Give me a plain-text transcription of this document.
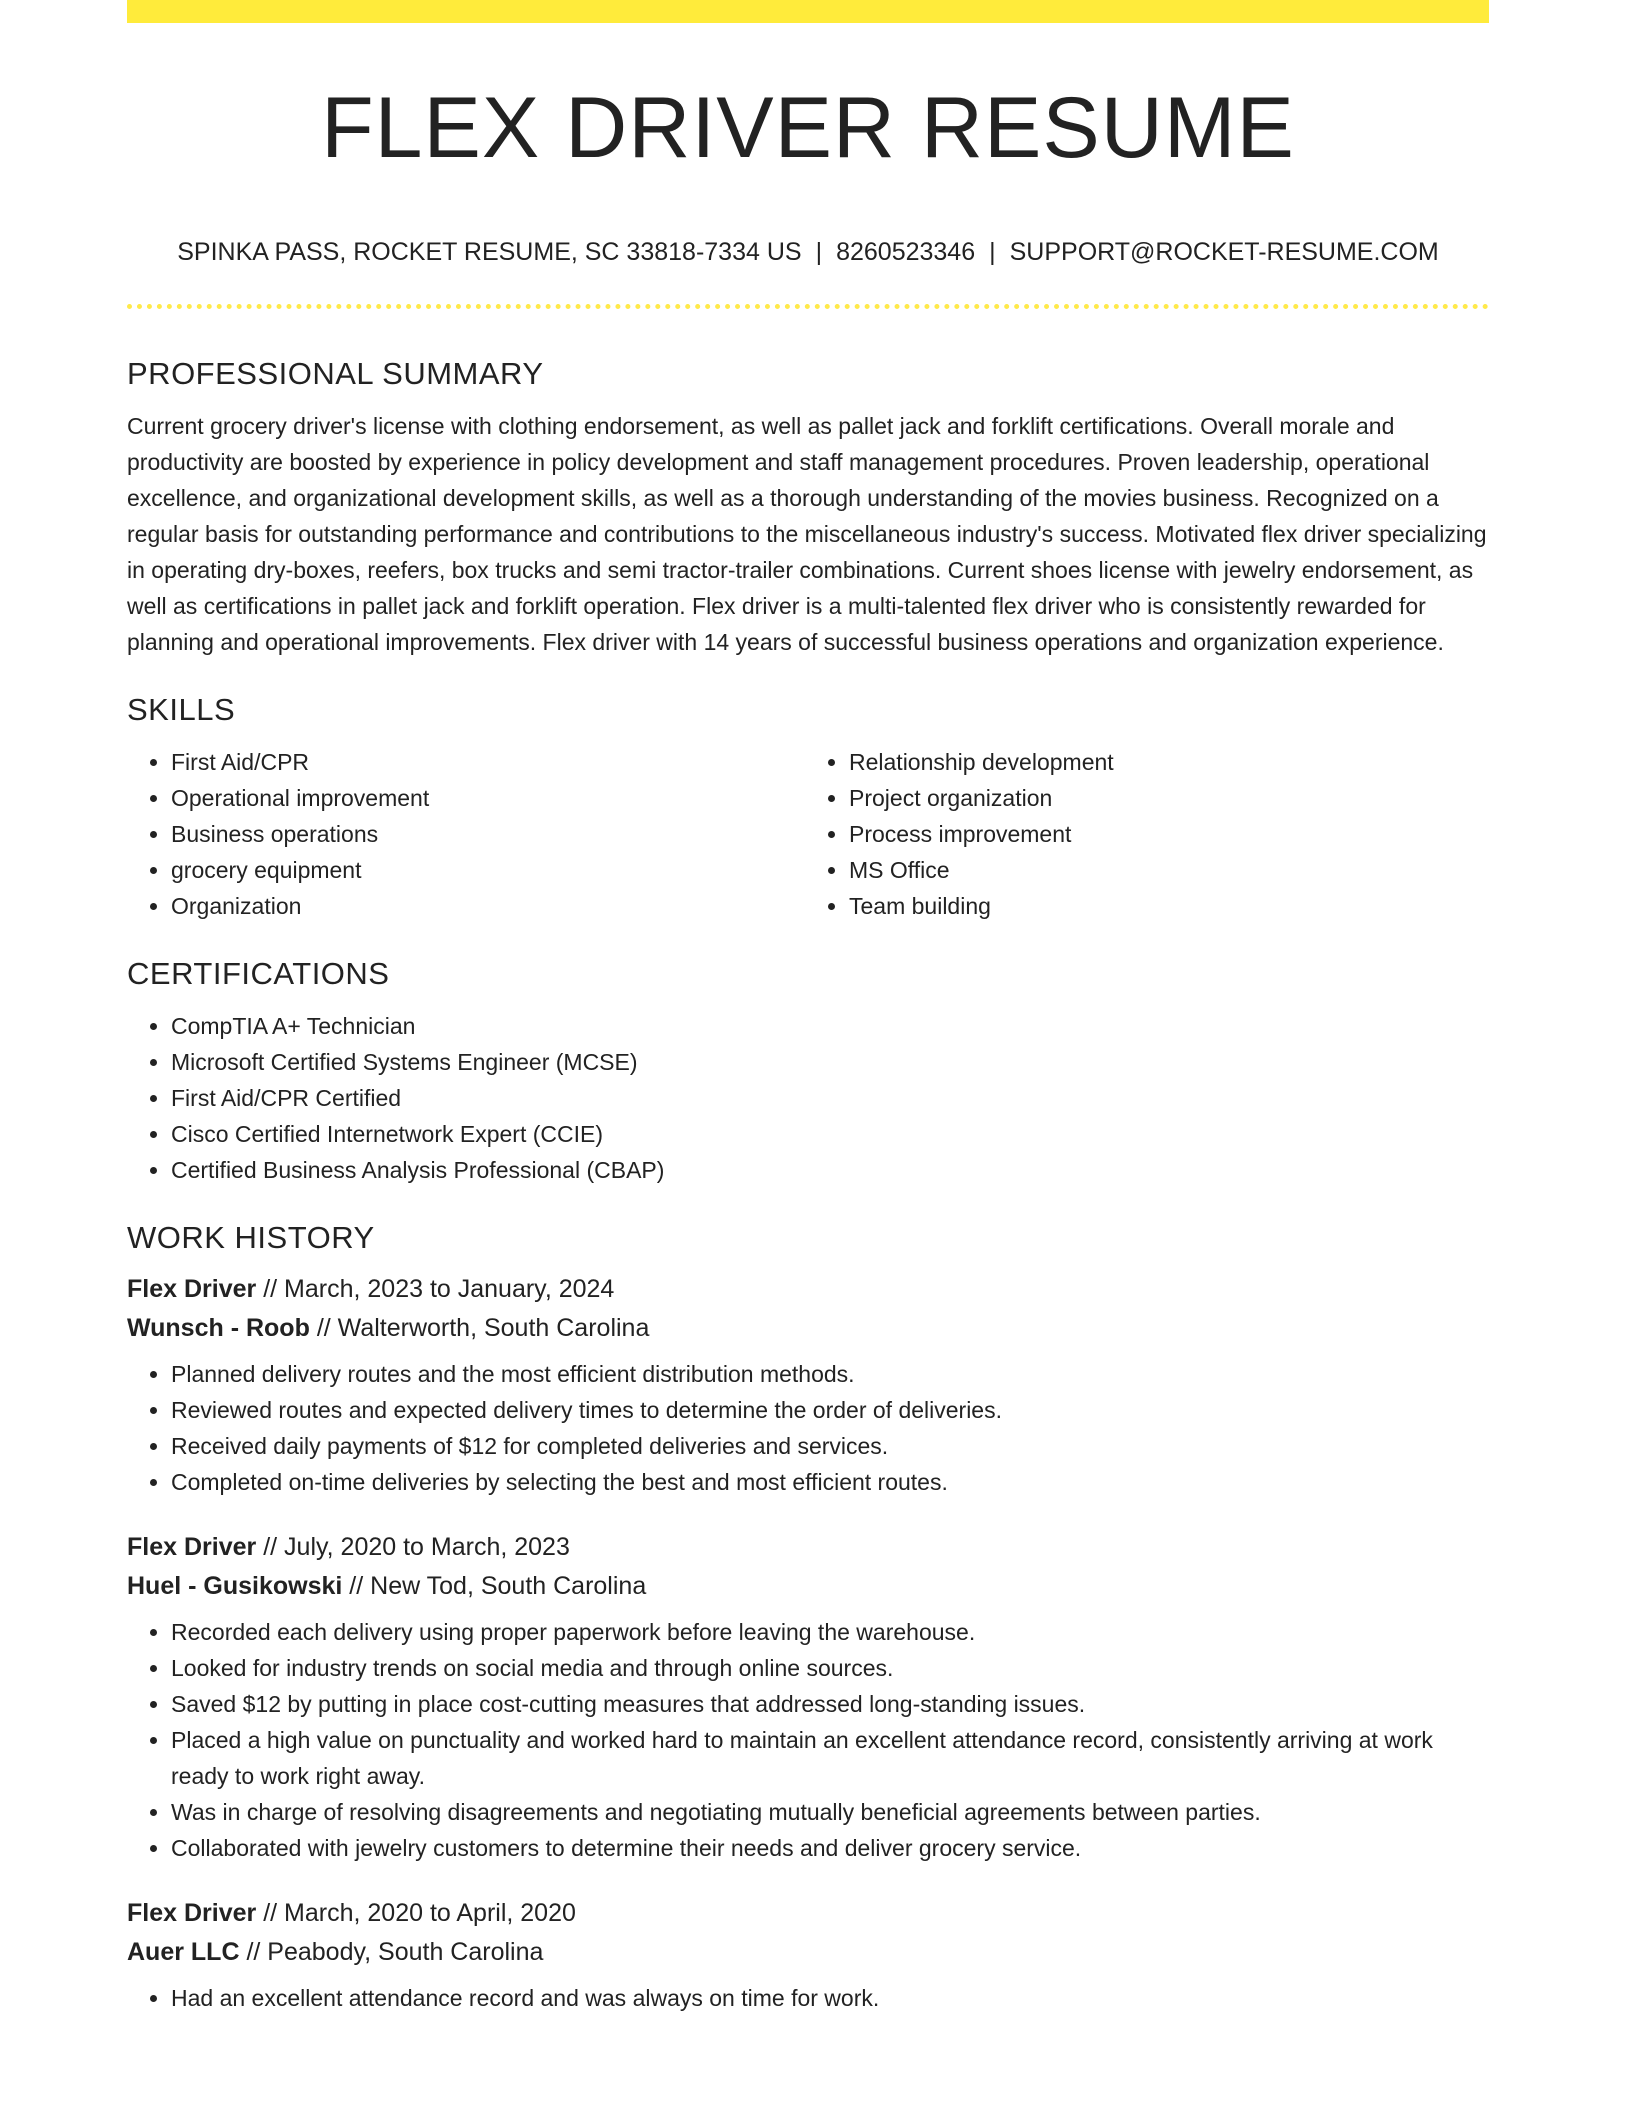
FLEX DRIVER RESUME
SPINKA PASS, ROCKET RESUME, SC 33818-7334 US | 8260523346 | SUPPORT@ROCKET-RESUME.COM
PROFESSIONAL SUMMARY

Current grocery driver's license with clothing endorsement, as well as pallet jack and forklift certifications. Overall morale and productivity are boosted by experience in policy development and staff management procedures. Proven leadership, operational excellence, and organizational development skills, as well as a thorough understanding of the movies business. Recognized on a regular basis for outstanding performance and contributions to the miscellaneous industry's success. Motivated flex driver specializing in operating dry-boxes, reefers, box trucks and semi tractor-trailer combinations. Current shoes license with jewelry endorsement, as well as certifications in pallet jack and forklift operation. Flex driver is a multi-talented flex driver who is consistently rewarded for planning and operational improvements. Flex driver with 14 years of successful business operations and organization experience.

SKILLS
• First Aid/CPR
• Operational improvement
• Business operations
• grocery equipment
• Organization
• Relationship development
• Project organization
• Process improvement
• MS Office
• Team building
CERTIFICATIONS
• CompTIA A+ Technician
• Microsoft Certified Systems Engineer (MCSE)
• First Aid/CPR Certified
• Cisco Certified Internetwork Expert (CCIE)
• Certified Business Analysis Professional (CBAP)
WORK HISTORY
Flex Driver // March, 2023 to January, 2024
Wunsch - Roob // Walterworth, South Carolina
• Planned delivery routes and the most efficient distribution methods.
• Reviewed routes and expected delivery times to determine the order of deliveries.
• Received daily payments of $12 for completed deliveries and services.
• Completed on-time deliveries by selecting the best and most efficient routes.
Flex Driver // July, 2020 to March, 2023
Huel - Gusikowski // New Tod, South Carolina
• Recorded each delivery using proper paperwork before leaving the warehouse.
• Looked for industry trends on social media and through online sources.
• Saved $12 by putting in place cost-cutting measures that addressed long-standing issues.
• Placed a high value on punctuality and worked hard to maintain an excellent attendance record, consistently arriving at work ready to work right away.
• Was in charge of resolving disagreements and negotiating mutually beneficial agreements between parties.
• Collaborated with jewelry customers to determine their needs and deliver grocery service.
Flex Driver // March, 2020 to April, 2020
Auer LLC // Peabody, South Carolina
• Had an excellent attendance record and was always on time for work.
